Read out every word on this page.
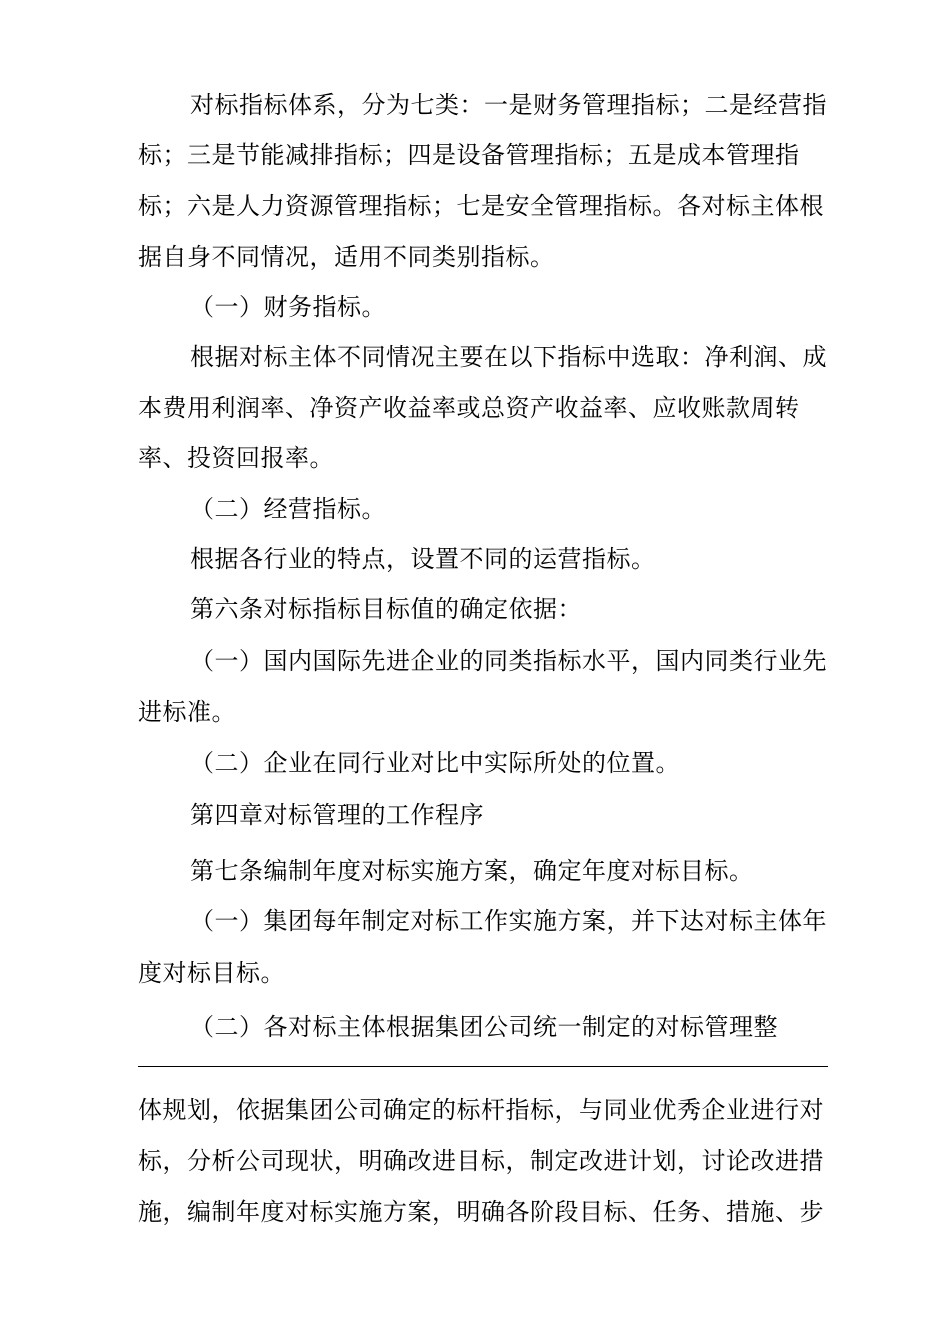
对标指标体系，分为七类：一是财务管理指标；二是经营指
标；三是节能减排指标；四是设备管理指标；五是成本管理指
标；六是人力资源管理指标；七是安全管理指标。各对标主体根
据自身不同情况，适用不同类别指标。
（一）财务指标。
根据对标主体不同情况主要在以下指标中选取：净利润、成
本费用利润率、净资产收益率或总资产收益率、应收账款周转
率、投资回报率。
（二）经营指标。
根据各行业的特点，设置不同的运营指标。
第六条对标指标目标值的确定依据：
（一）国内国际先进企业的同类指标水平，国内同类行业先
进标准。
（二）企业在同行业对比中实际所处的位置。
第四章对标管理的工作程序
第七条编制年度对标实施方案，确定年度对标目标。
（一）集团每年制定对标工作实施方案，并下达对标主体年
度对标目标。
（二）各对标主体根据集团公司统一制定的对标管理整
体规划，依据集团公司确定的标杆指标，与同业优秀企业进行对
标，分析公司现状，明确改进目标，制定改进计划，讨论改进措
施，编制年度对标实施方案，明确各阶段目标、任务、措施、步
